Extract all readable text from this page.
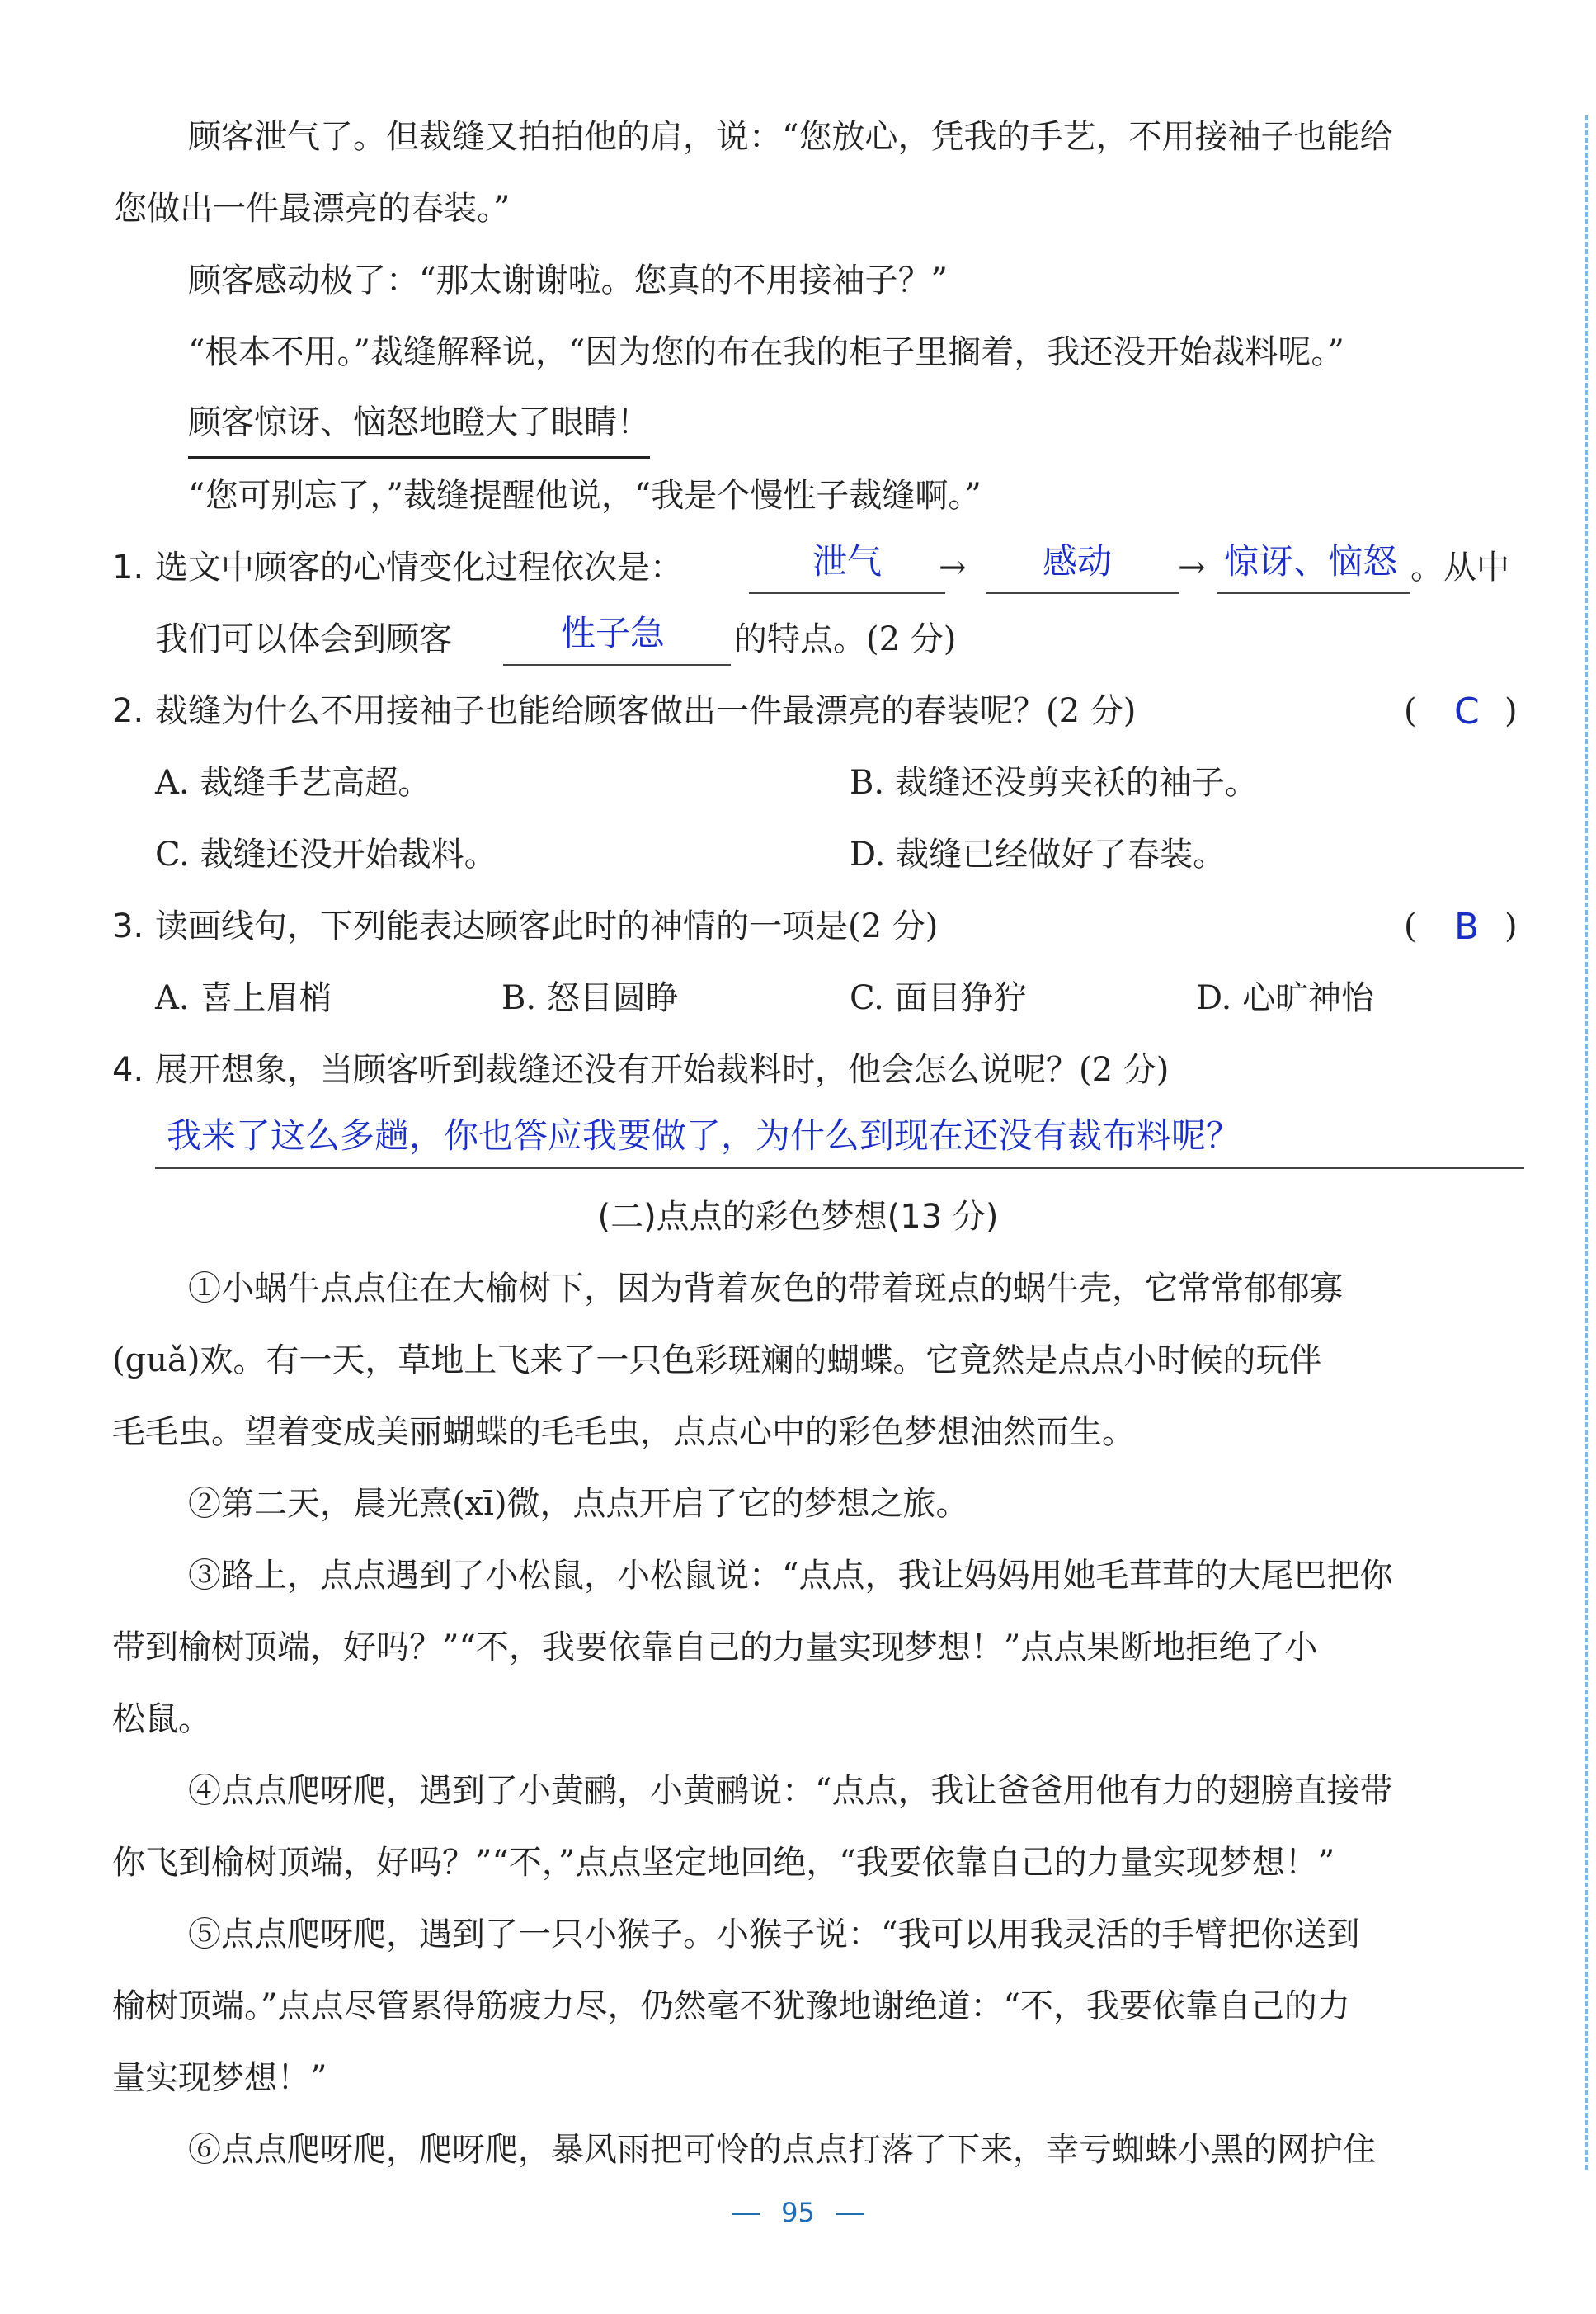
顾客泄气了。但裁缝又拍拍他的肩，说：“您放心，凭我的手艺，不用接袖子也能给
您做出一件最漂亮的春装。”
顾客感动极了：“那太谢谢啦。您真的不用接袖子？”
“根本不用。”裁缝解释说，“因为您的布在我的柜子里搁着，我还没开始裁料呢。”
顾客惊讶、恼怒地瞪大了眼睛！
“您可别忘了，”裁缝提醒他说，“我是个慢性子裁缝啊。”
1. 选文中顾客的心情变化过程依次是：	→	→	。从中
泄气	感动	惊讶、恼怒
我们可以体会到顾客	的特点。(2 分)
性子急
2. 裁缝为什么不用接袖子也能给顾客做出一件最漂亮的春装呢？(2 分)	(	)
C
A. 裁缝手艺高超。	B. 裁缝还没剪夹袄的袖子。
C. 裁缝还没开始裁料。	D. 裁缝已经做好了春装。
3. 读画线句，下列能表达顾客此时的神情的一项是(2 分)	(	)
B
A. 喜上眉梢	B. 怒目圆睁	C. 面目狰狞	D. 心旷神怡
4. 展开想象，当顾客听到裁缝还没有开始裁料时，他会怎么说呢？(2 分)
我来了这么多趟，你也答应我要做了，为什么到现在还没有裁布料呢？
(二)点点的彩色梦想(13 分)
①小蜗牛点点住在大榆树下，因为背着灰色的带着斑点的蜗牛壳，它常常郁郁寡
(guǎ)欢。有一天，草地上飞来了一只色彩斑斓的蝴蝶。它竟然是点点小时候的玩伴
毛毛虫。望着变成美丽蝴蝶的毛毛虫，点点心中的彩色梦想油然而生。
②第二天，晨光熹(xī)微，点点开启了它的梦想之旅。
③路上，点点遇到了小松鼠，小松鼠说：“点点，我让妈妈用她毛茸茸的大尾巴把你
带到榆树顶端，好吗？”“不，我要依靠自己的力量实现梦想！”点点果断地拒绝了小
松鼠。
④点点爬呀爬，遇到了小黄鹂，小黄鹂说：“点点，我让爸爸用他有力的翅膀直接带
你飞到榆树顶端，好吗？”“不，”点点坚定地回绝，“我要依靠自己的力量实现梦想！”
⑤点点爬呀爬，遇到了一只小猴子。小猴子说：“我可以用我灵活的手臂把你送到
榆树顶端。”点点尽管累得筋疲力尽，仍然毫不犹豫地谢绝道：“不，我要依靠自己的力
量实现梦想！”
⑥点点爬呀爬，爬呀爬，暴风雨把可怜的点点打落了下来，幸亏蜘蛛小黑的网护住
95
